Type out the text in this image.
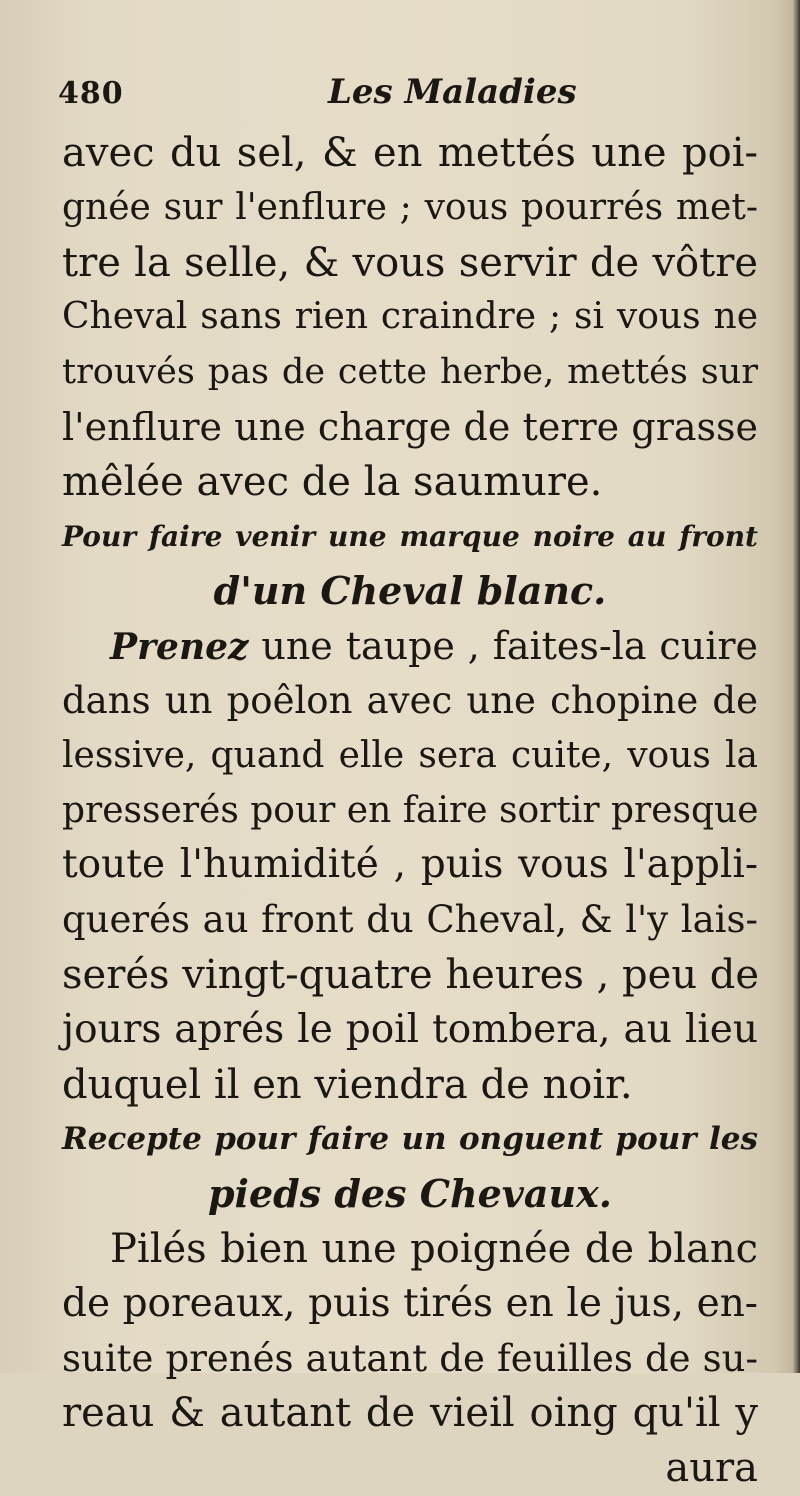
480	Les Maladies
avec du sel, & en mettés une poi-
gnée sur l'enflure ; vous pourrés met-
tre la selle, & vous servir de vôtre
Cheval sans rien craindre ; si vous ne
trouvés pas de cette herbe, mettés sur
l'enflure une charge de terre grasse
mêlée avec de la saumure.
Pour faire venir une marque noire au front
d'un Cheval blanc.
Prenez une taupe , faites-la cuire
dans un poêlon avec une chopine de
lessive, quand elle sera cuite, vous la
presserés pour en faire sortir presque
toute l'humidité , puis vous l'appli-
querés au front du Cheval, & l'y lais-
serés vingt-quatre heures , peu de
jours aprés le poil tombera, au lieu
duquel il en viendra de noir.
Recepte pour faire un onguent pour les
pieds des Chevaux.
Pilés bien une poignée de blanc
de poreaux, puis tirés en le jus, en-
suite prenés autant de feuilles de su-
reau & autant de vieil oing qu'il y
aura
